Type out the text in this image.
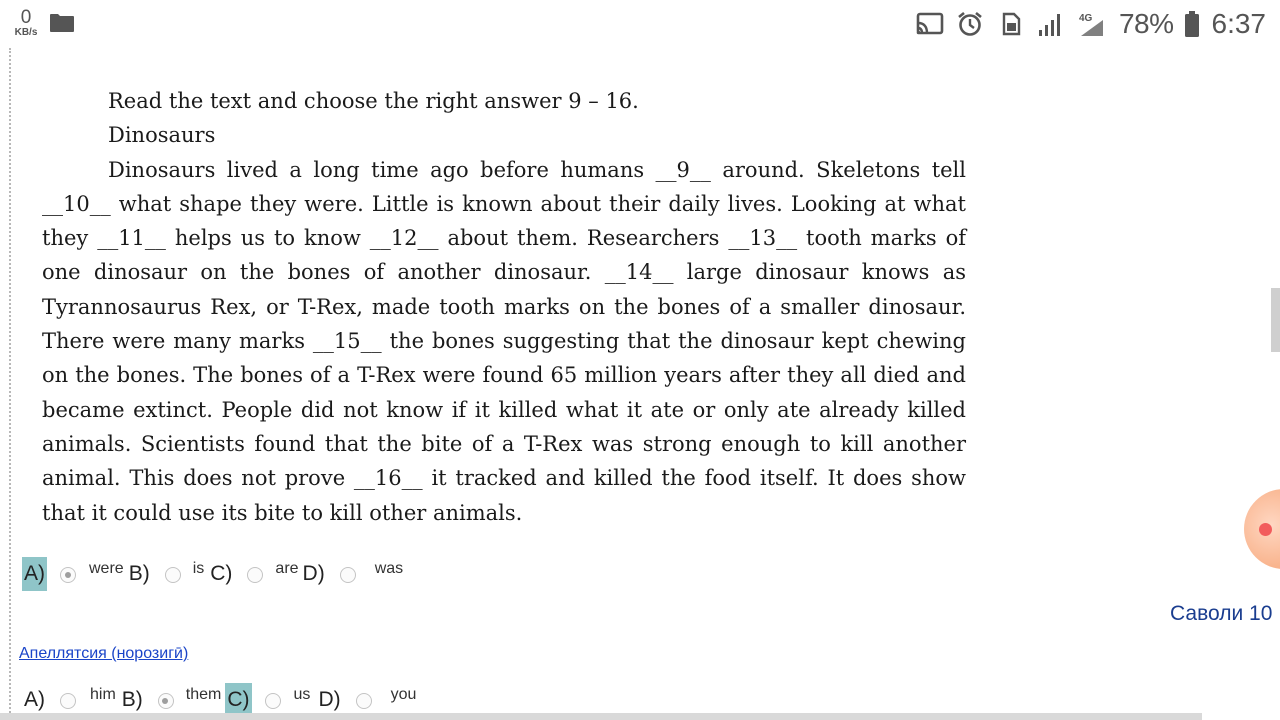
0
KB/s
4G 78% 6:37
Read the text and choose the right answer 9 – 16.
Dinosaurs
Dinosaurs lived a long time ago before humans __9__ around. Skeletons tell __10__ what shape they were. Little is known about their daily lives. Looking at what they __11__ helps us to know __12__ about them. Researchers __13__ tooth marks of one dinosaur on the bones of another dinosaur. __14__ large dinosaur knows as Tyrannosaurus Rex, or T-Rex, made tooth marks on the bones of a smaller dinosaur. There were many marks __15__ the bones suggesting that the dinosaur kept chewing on the bones. The bones of a T-Rex were found 65 million years after they all died and became extinct. People did not know if it killed what it ate or only ate already killed animals. Scientists found that the bite of a T-Rex was strong enough to kill another animal. This does not prove __16__ it tracked and killed the food itself. It does show that it could use its bite to kill other animals.
A)	were B)	is C)	are D)	was
Саволи 10
Апеллятсия (норозигӣ)
A)	him B)	them C)	us D)	you
